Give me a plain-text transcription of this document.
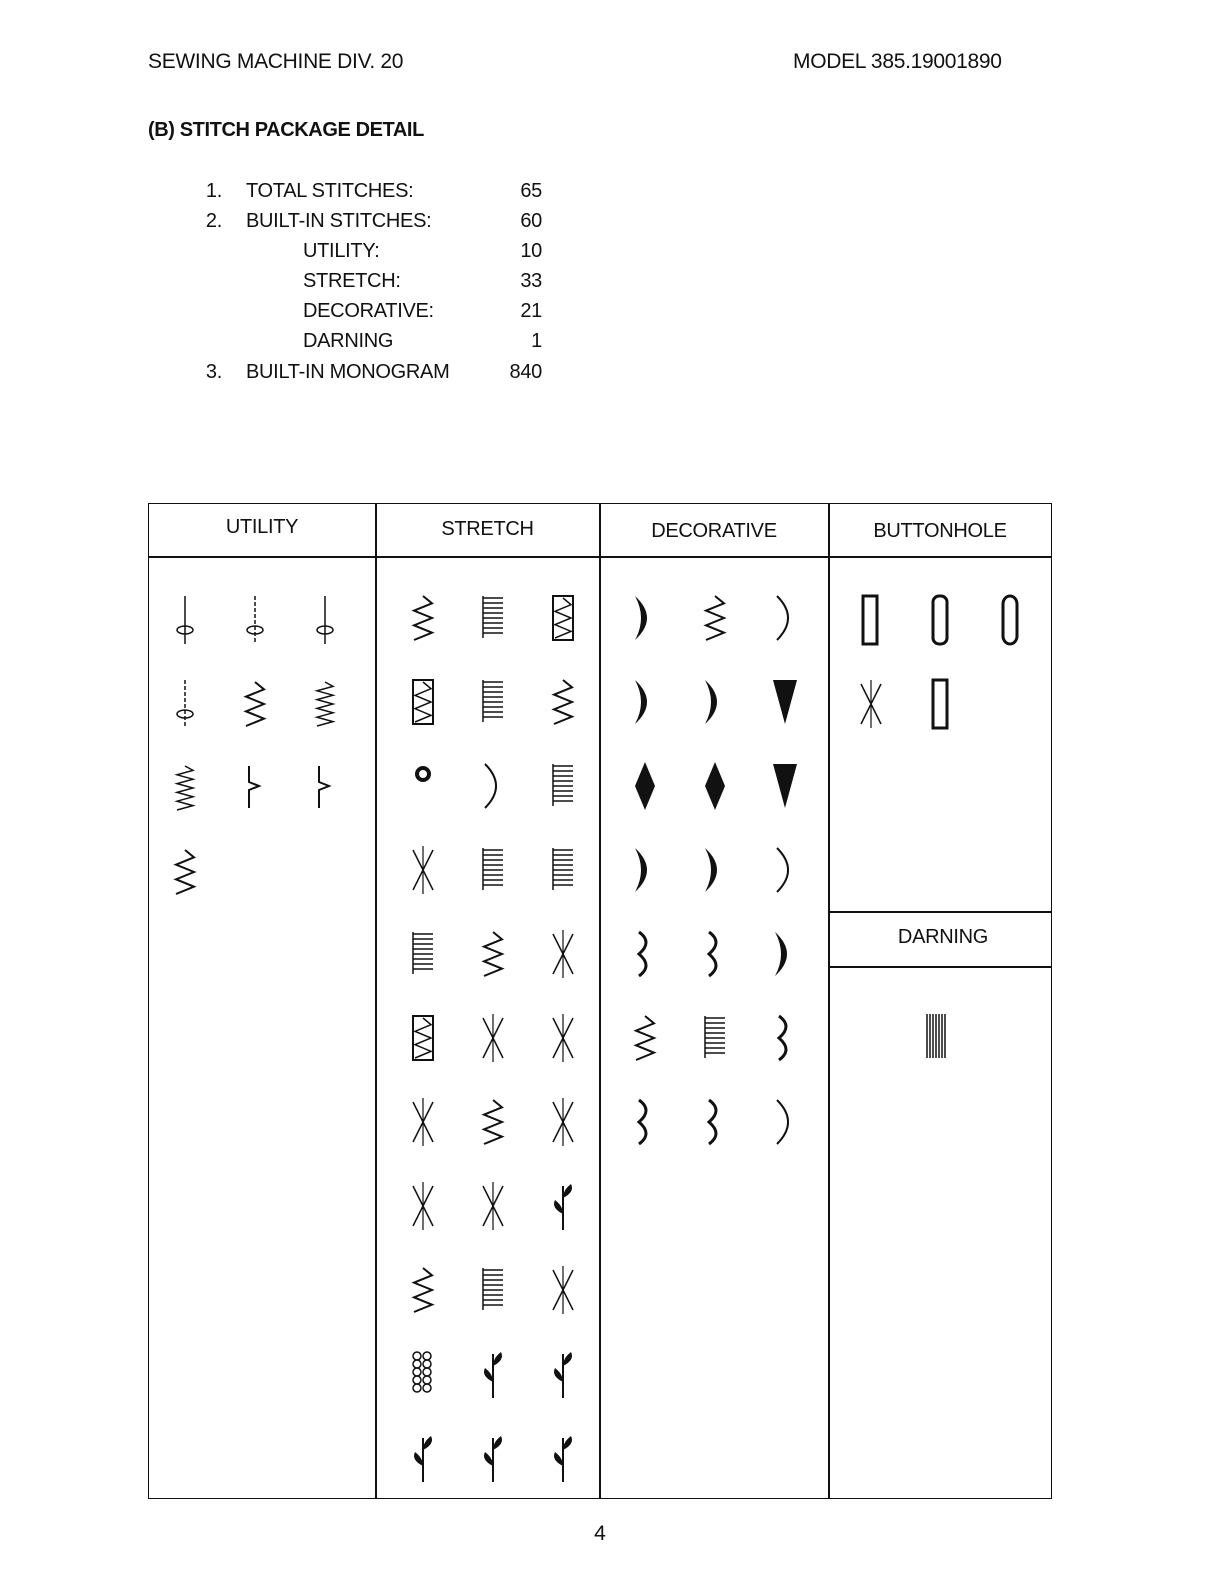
SEWING MACHINE DIV. 20	MODEL 385.19001890
(B) STITCH PACKAGE DETAIL
1. TOTAL STITCHES:	65
2. BUILT-IN STITCHES:	60
UTILITY:	10
STRETCH:	33
DECORATIVE:	21
DARNING	1
3. BUILT-IN MONOGRAM	840
UTILITY	STRETCH	DECORATIVE	BUTTONHOLE
DARNING
4
